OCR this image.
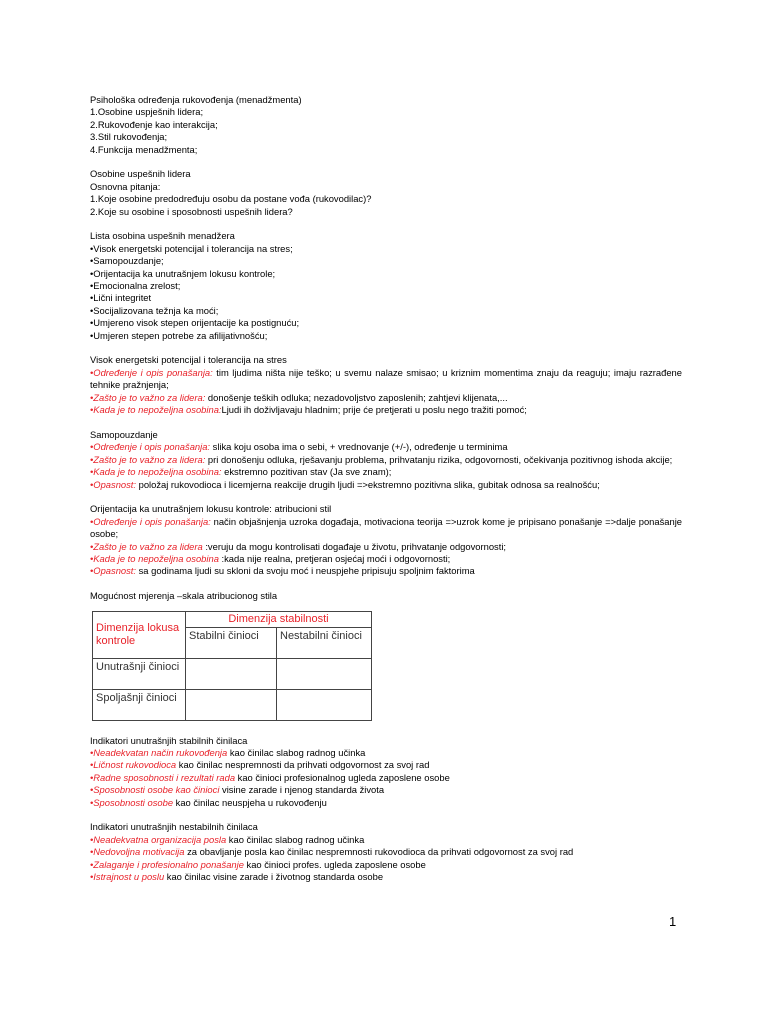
Psihološka određenja rukovođenja (menadžmenta)
1.Osobine uspješnih lidera;
2.Rukovođenje kao interakcija;
3.Stil rukovođenja;
4.Funkcija menadžmenta;
Osobine uspešnih lidera
Osnovna pitanja:
1.Koje osobine predodređuju osobu da postane vođa (rukovodilac)?
2.Koje su osobine i sposobnosti uspešnih lidera?
Lista osobina uspešnih menadžera
•Visok energetski potencijal i tolerancija na stres;
•Samopouzdanje;
•Orijentacija ka unutrašnjem lokusu kontrole;
•Emocionalna zrelost;
•Lični integritet
•Socijalizovana težnja ka moći;
•Umjereno visok stepen orijentacije ka postignuću;
•Umjeren stepen potrebe za afilijativnošću;
Visok energetski potencijal i tolerancija na stres
•Određenje i opis ponašanja: tim ljudima ništa nije teško; u svemu nalaze smisao; u kriznim momentima znaju da reaguju; imaju razrađene tehnike pražnjenja;
•Zašto je to važno za lidera: donošenje teških odluka; nezadovoljstvo zaposlenih; zahtjevi klijenata,...
•Kada je to nepoželjna osobina:Ljudi ih doživljavaju hladnim; prije će pretjerati u poslu nego tražiti pomoć;
Samopouzdanje
•Određenje i opis ponašanja: slika koju osoba ima o sebi, + vrednovanje (+/-), određenje u terminima
•Zašto je to važno za lidera: pri donošenju odluka, rješavanju problema, prihvatanju rizika, odgovornosti, očekivanja pozitivnog ishoda akcije;
•Kada je to nepoželjna osobina: ekstremno pozitivan stav (Ja sve znam);
•Opasnost: položaj rukovodioca i licemjerna reakcije drugih ljudi =>ekstremno pozitivna slika, gubitak odnosa sa realnošću;
Orijentacija ka unutrašnjem lokusu kontrole: atribucioni stil
•Određenje i opis ponašanja: način objašnjenja uzroka događaja, motivaciona teorija =>uzrok kome je pripisano ponašanje =>dalje ponašanje osobe;
•Zašto je to važno za lidera :veruju da mogu kontrolisati događaje u životu, prihvatanje odgovornosti;
•Kada je to nepoželjna osobina :kada nije realna, pretjeran osjećaj moći i odgovornosti;
•Opasnost: sa godinama ljudi su skloni da svoju moć i neuspjehe pripisuju spoljnim faktorima
Mogućnost mjerenja –skala atribucionog stila
Dimenzija lokusa kontrole	Dimenzija stabilnosti	
	Stabilni činioci	Nestabilni činioci
Unutrašnji činioci		
Spoljašnji činioci		
Indikatori unutrašnjih stabilnih činilaca
•Neadekvatan način rukovođenja kao činilac slabog radnog učinka
•Ličnost rukovodioca kao činilac nespremnosti da prihvati odgovornost za svoj rad
•Radne sposobnosti i rezultati rada kao činioci profesionalnog ugleda zaposlene osobe
•Sposobnosti osobe kao činioci visine zarade i njenog standarda života
•Sposobnosti osobe kao činilac neuspjeha u rukovođenju
Indikatori unutrašnjih nestabilnih činilaca
•Neadekvatna organizacija posla kao činilac slabog radnog učinka
•Nedovoljna motivacija za obavljanje posla kao činilac nespremnosti rukovodioca da prihvati odgovornost za svoj rad
•Zalaganje i profesionalno ponašanje kao činioci profes. ugleda zaposlene osobe
•Istrajnost u poslu kao činilac visine zarade i životnog standarda osobe
1
